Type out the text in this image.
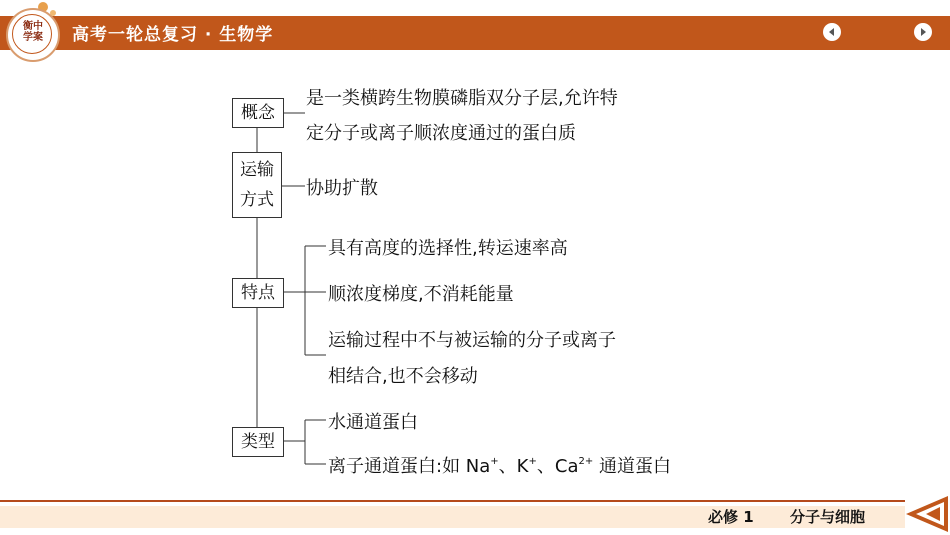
衡中
学案	高考一轮总复习 · 生物学
概念
是一类横跨生物膜磷脂双分子层,允许特
定分子或离子顺浓度通过的蛋白质
运输
方式
协助扩散
特点
具有高度的选择性,转运速率高
顺浓度梯度,不消耗能量
运输过程中不与被运输的分子或离子
相结合,也不会移动
类型
水通道蛋白
离子通道蛋白:如 Na+、K+、$Ca^{2+}$ 通道蛋白
必修 1 分子与细胞
